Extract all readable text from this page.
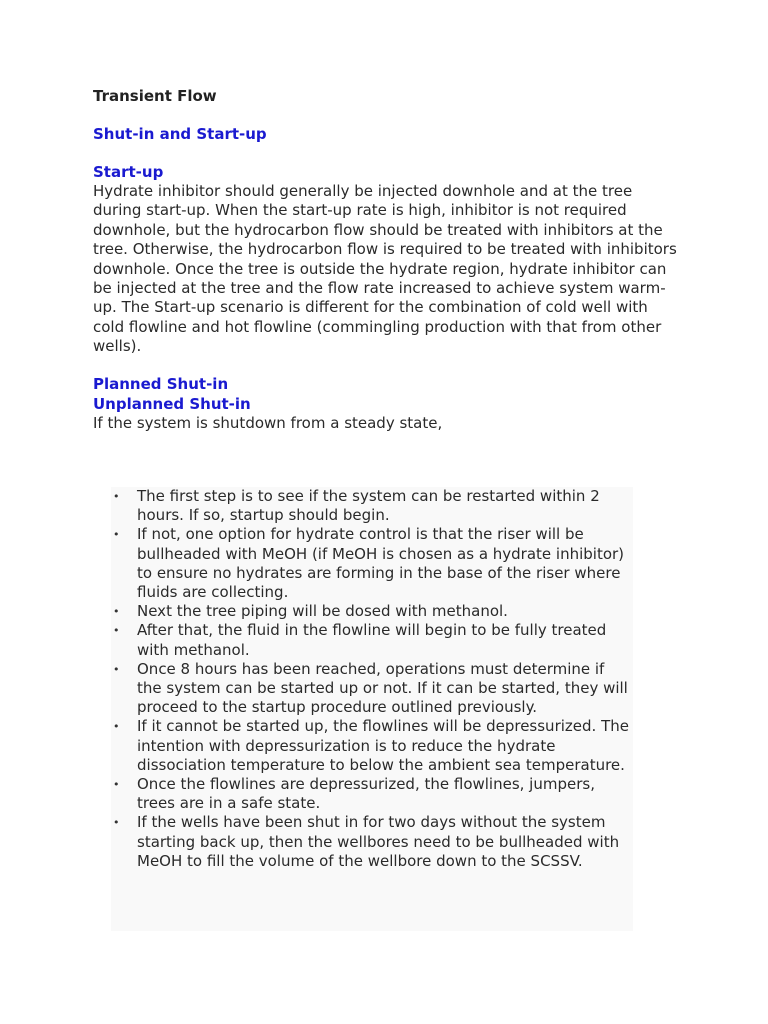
Transient Flow

Shut-in and Start-up

Start-up

Hydrate inhibitor should generally be injected downhole and at the tree during start-up. When the start-up rate is high, inhibitor is not required downhole, but the hydrocarbon flow should be treated with inhibitors at the tree. Otherwise, the hydrocarbon flow is required to be treated with inhibitors downhole. Once the tree is outside the hydrate region, hydrate inhibitor can be injected at the tree and the flow rate increased to achieve system warm-up. The Start-up scenario is different for the combination of cold well with cold flowline and hot flowline (commingling production with that from other wells).

Planned Shut-in

Unplanned Shut-in

If the system is shutdown from a steady state,

• The first step is to see if the system can be restarted within 2 hours. If so, startup should begin.
• If not, one option for hydrate control is that the riser will be bullheaded with MeOH (if MeOH is chosen as a hydrate inhibitor) to ensure no hydrates are forming in the base of the riser where fluids are collecting.
• Next the tree piping will be dosed with methanol.
• After that, the fluid in the flowline will begin to be fully treated with methanol.
• Once 8 hours has been reached, operations must determine if the system can be started up or not. If it can be started, they will proceed to the startup procedure outlined previously.
• If it cannot be started up, the flowlines will be depressurized. The intention with depressurization is to reduce the hydrate dissociation temperature to below the ambient sea temperature.
• Once the flowlines are depressurized, the flowlines, jumpers, trees are in a safe state.
• If the wells have been shut in for two days without the system starting back up, then the wellbores need to be bullheaded with MeOH to fill the volume of the wellbore down to the SCSSV.
